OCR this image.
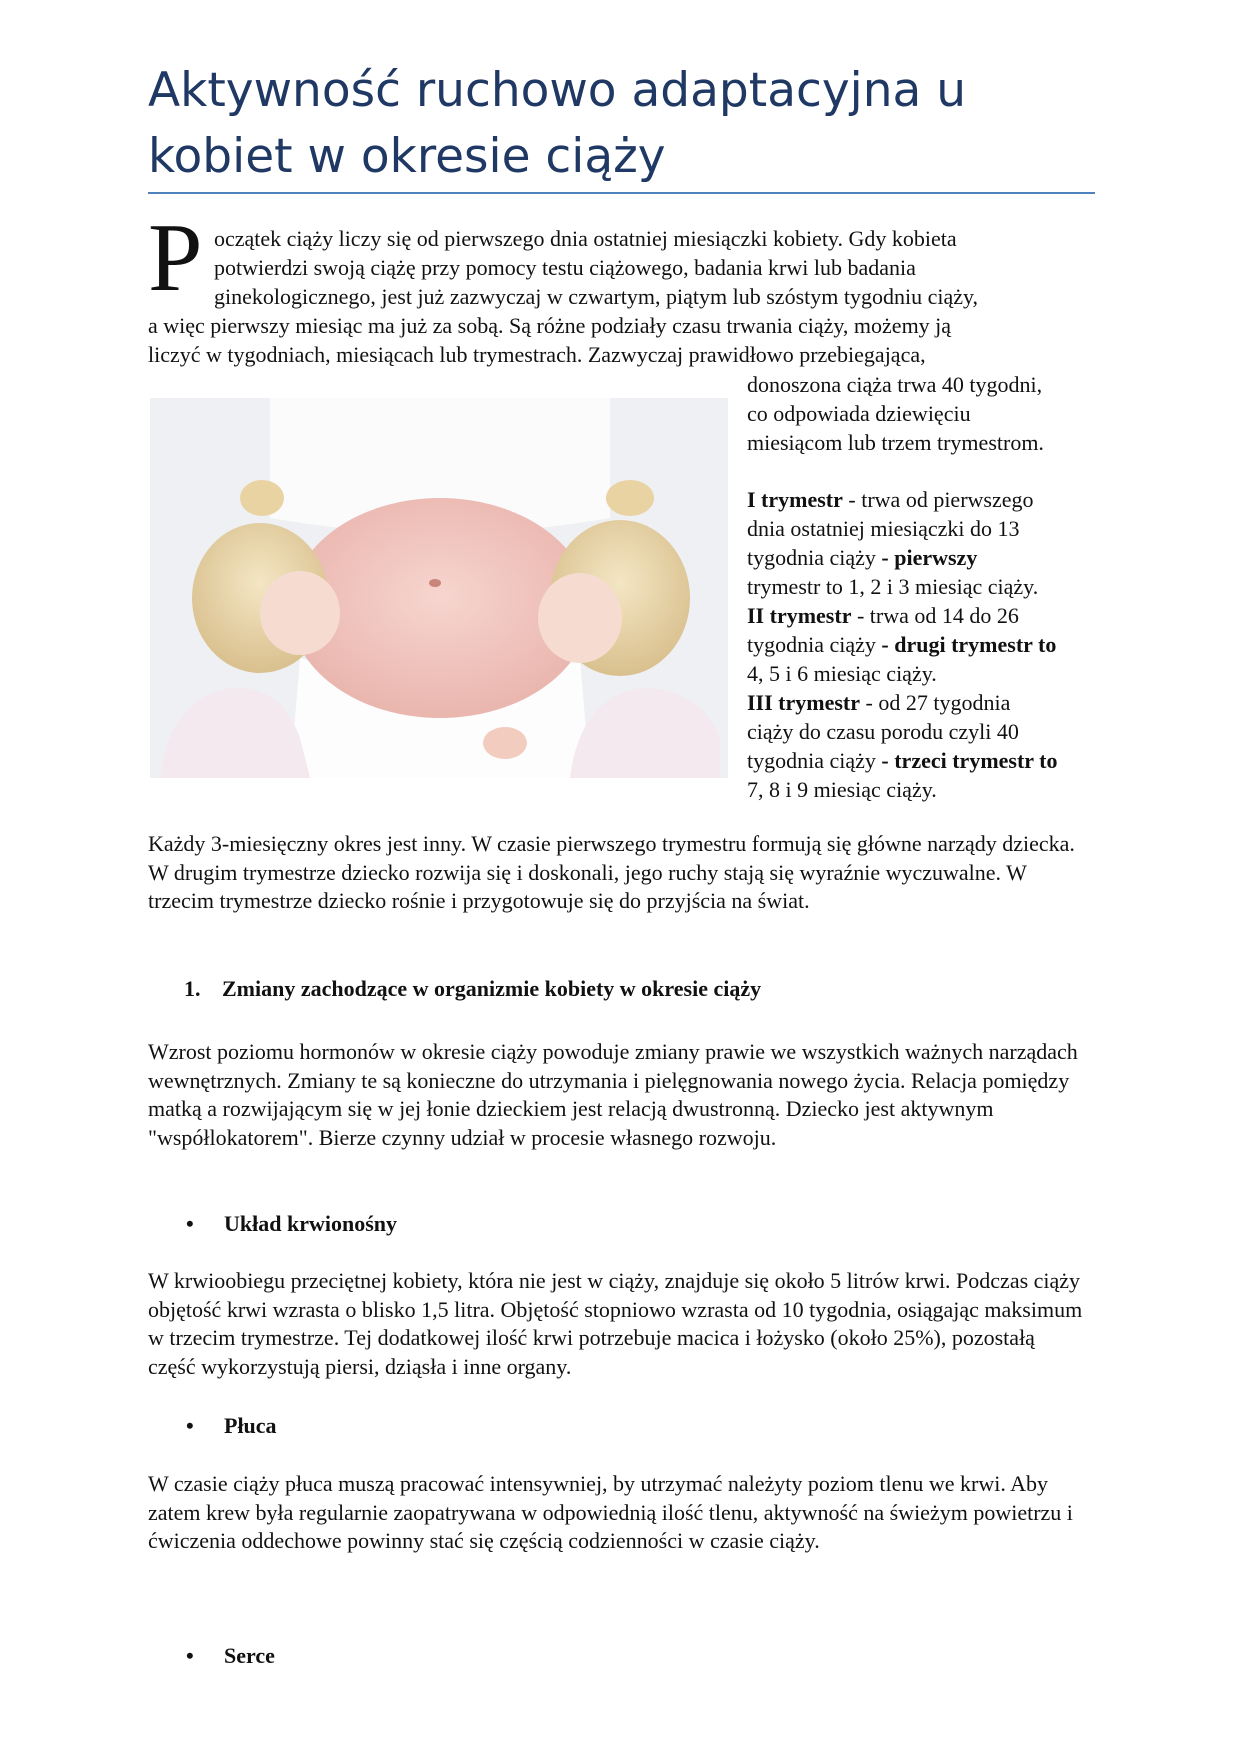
Aktywność ruchowo adaptacyjna u kobiet w okresie ciąży
P oczątek ciąży liczy się od pierwszego dnia ostatniej miesiączki kobiety. Gdy kobieta
potwierdzi swoją ciążę przy pomocy testu ciążowego, badania krwi lub badania
ginekologicznego, jest już zazwyczaj w czwartym, piątym lub szóstym tygodniu ciąży,
a więc pierwszy miesiąc ma już za sobą. Są różne podziały czasu trwania ciąży, możemy ją
liczyć w tygodniach, miesiącach lub trymestrach. Zazwyczaj prawidłowo przebiegająca,
donoszona ciąża trwa 40 tygodni,
co odpowiada dziewięciu
miesiącom lub trzem trymestrom.
I trymestr - trwa od pierwszego
dnia ostatniej miesiączki do 13
tygodnia ciąży - pierwszy
trymestr to 1, 2 i 3 miesiąc ciąży.
II trymestr - trwa od 14 do 26
tygodnia ciąży - drugi trymestr to
4, 5 i 6 miesiąc ciąży.
III trymestr - od 27 tygodnia
ciąży do czasu porodu czyli 40
tygodnia ciąży - trzeci trymestr to
7, 8 i 9 miesiąc ciąży.

Każdy 3-miesięczny okres jest inny. W czasie pierwszego trymestru formują się główne narządy dziecka. W drugim trymestrze dziecko rozwija się i doskonali, jego ruchy stają się wyraźnie wyczuwalne. W trzecim trymestrze dziecko rośnie i przygotowuje się do przyjścia na świat.

1. Zmiany zachodzące w organizmie kobiety w okresie ciąży

Wzrost poziomu hormonów w okresie ciąży powoduje zmiany prawie we wszystkich ważnych narządach wewnętrznych. Zmiany te są konieczne do utrzymania i pielęgnowania nowego życia. Relacja pomiędzy matką a rozwijającym się w jej łonie dzieckiem jest relacją dwustronną. Dziecko jest aktywnym "współlokatorem". Bierze czynny udział w procesie własnego rozwoju.

• Układ krwionośny

W krwioobiegu przeciętnej kobiety, która nie jest w ciąży, znajduje się około 5 litrów krwi. Podczas ciąży objętość krwi wzrasta o blisko 1,5 litra. Objętość stopniowo wzrasta od 10 tygodnia, osiągając maksimum w trzecim trymestrze. Tej dodatkowej ilość krwi potrzebuje macica i łożysko (około 25%), pozostałą część wykorzystują piersi, dziąsła i inne organy.

• Płuca

W czasie ciąży płuca muszą pracować intensywniej, by utrzymać należyty poziom tlenu we krwi. Aby zatem krew była regularnie zaopatrywana w odpowiednią ilość tlenu, aktywność na świeżym powietrzu i ćwiczenia oddechowe powinny stać się częścią codzienności w czasie ciąży.

• Serce
